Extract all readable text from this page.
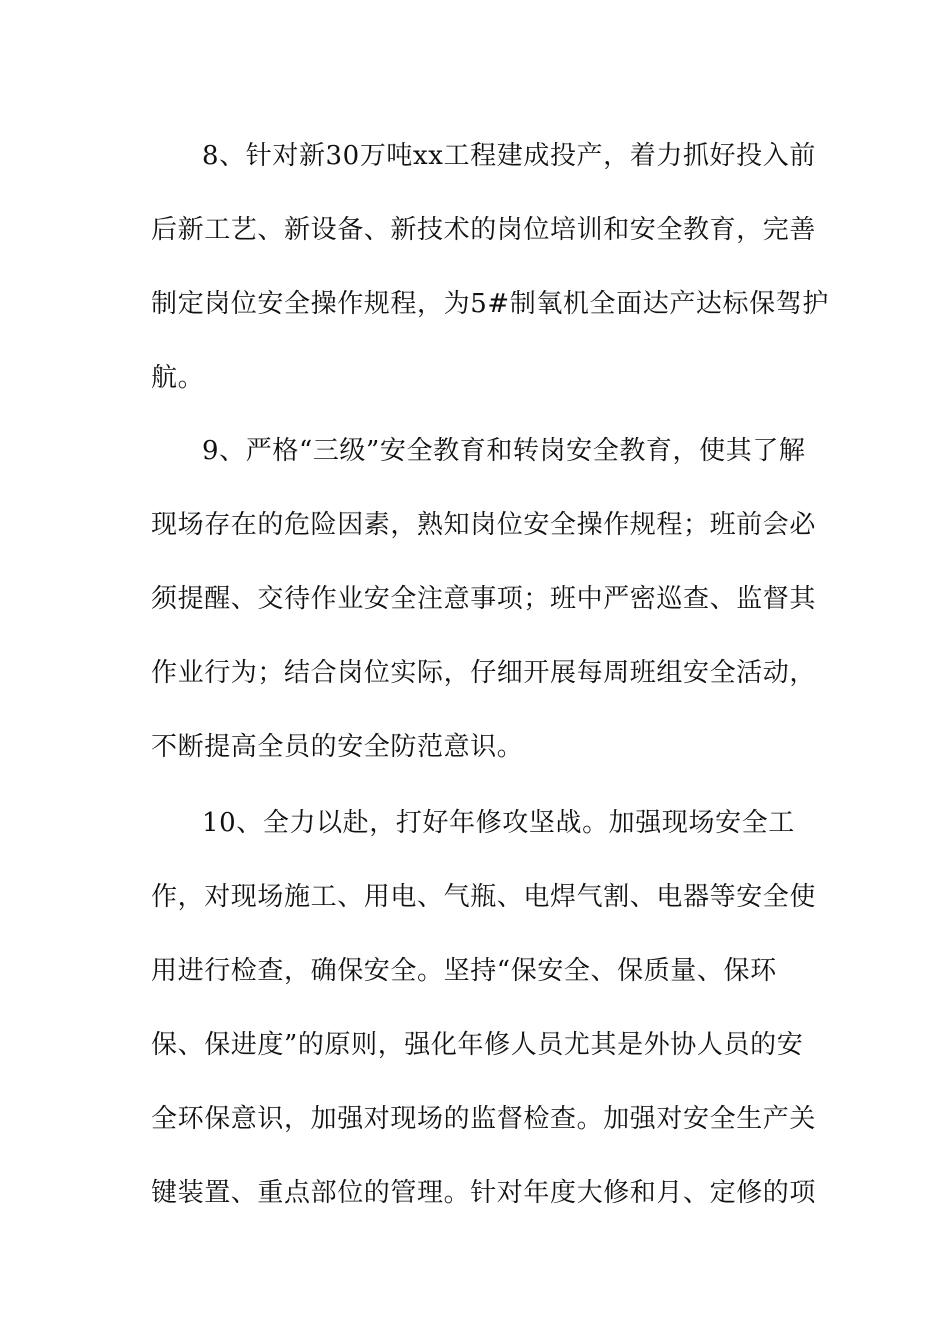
8、针对新30万吨xx工程建成投产，着力抓好投入前
后新工艺、新设备、新技术的岗位培训和安全教育，完善
制定岗位安全操作规程，为5#制氧机全面达产达标保驾护
航。
9、严格“三级”安全教育和转岗安全教育，使其了解
现场存在的危险因素，熟知岗位安全操作规程；班前会必
须提醒、交待作业安全注意事项；班中严密巡查、监督其
作业行为；结合岗位实际，仔细开展每周班组安全活动，
不断提高全员的安全防范意识。
10、全力以赴，打好年修攻坚战。加强现场安全工
作，对现场施工、用电、气瓶、电焊气割、电器等安全使
用进行检查，确保安全。坚持“保安全、保质量、保环
保、保进度”的原则，强化年修人员尤其是外协人员的安
全环保意识，加强对现场的监督检查。加强对安全生产关
键装置、重点部位的管理。针对年度大修和月、定修的项
